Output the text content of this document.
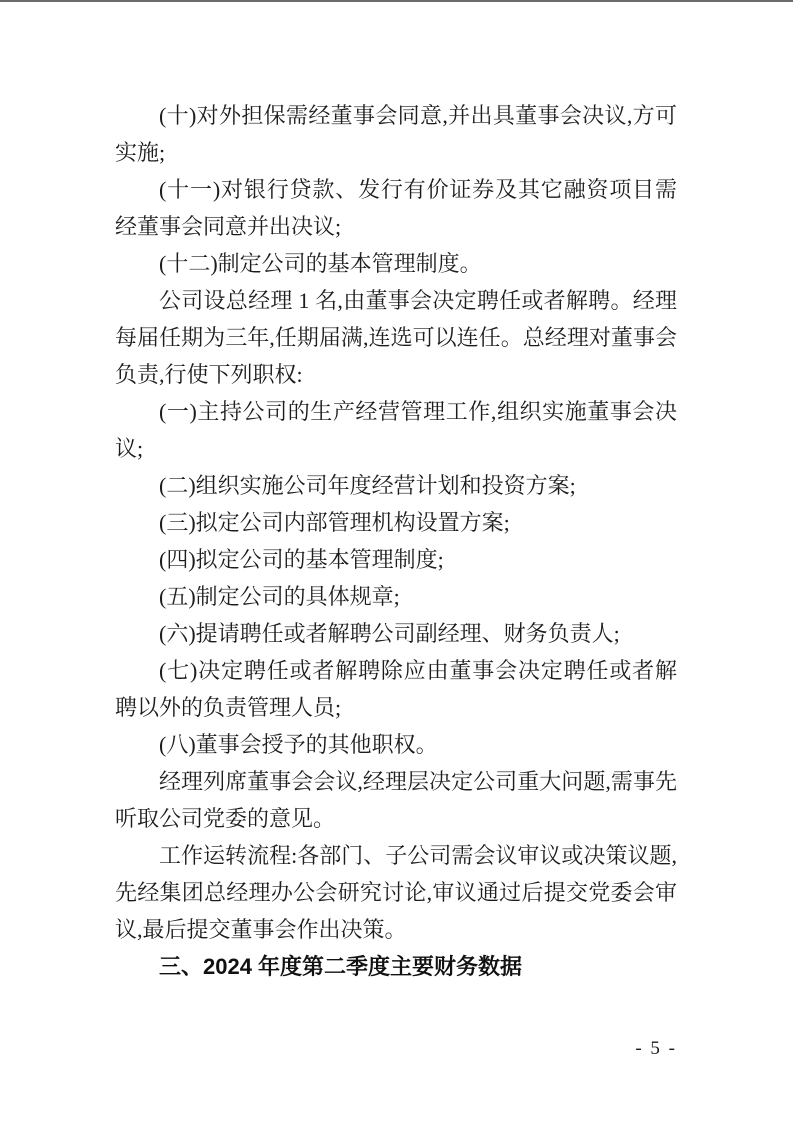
(十)对外担保需经董事会同意,并出具董事会决议,方可实施;

(十一)对银行贷款、发行有价证券及其它融资项目需经董事会同意并出决议;

(十二)制定公司的基本管理制度。

公司设总经理 1 名,由董事会决定聘任或者解聘。经理每届任期为三年,任期届满,连选可以连任。总经理对董事会负责,行使下列职权:

(一)主持公司的生产经营管理工作,组织实施董事会决议;

(二)组织实施公司年度经营计划和投资方案;

(三)拟定公司内部管理机构设置方案;

(四)拟定公司的基本管理制度;

(五)制定公司的具体规章;

(六)提请聘任或者解聘公司副经理、财务负责人;

(七)决定聘任或者解聘除应由董事会决定聘任或者解聘以外的负责管理人员;

(八)董事会授予的其他职权。

经理列席董事会会议,经理层决定公司重大问题,需事先听取公司党委的意见。

工作运转流程:各部门、子公司需会议审议或决策议题,先经集团总经理办公会研究讨论,审议通过后提交党委会审议,最后提交董事会作出决策。

三、2024 年度第二季度主要财务数据
- 5 -
